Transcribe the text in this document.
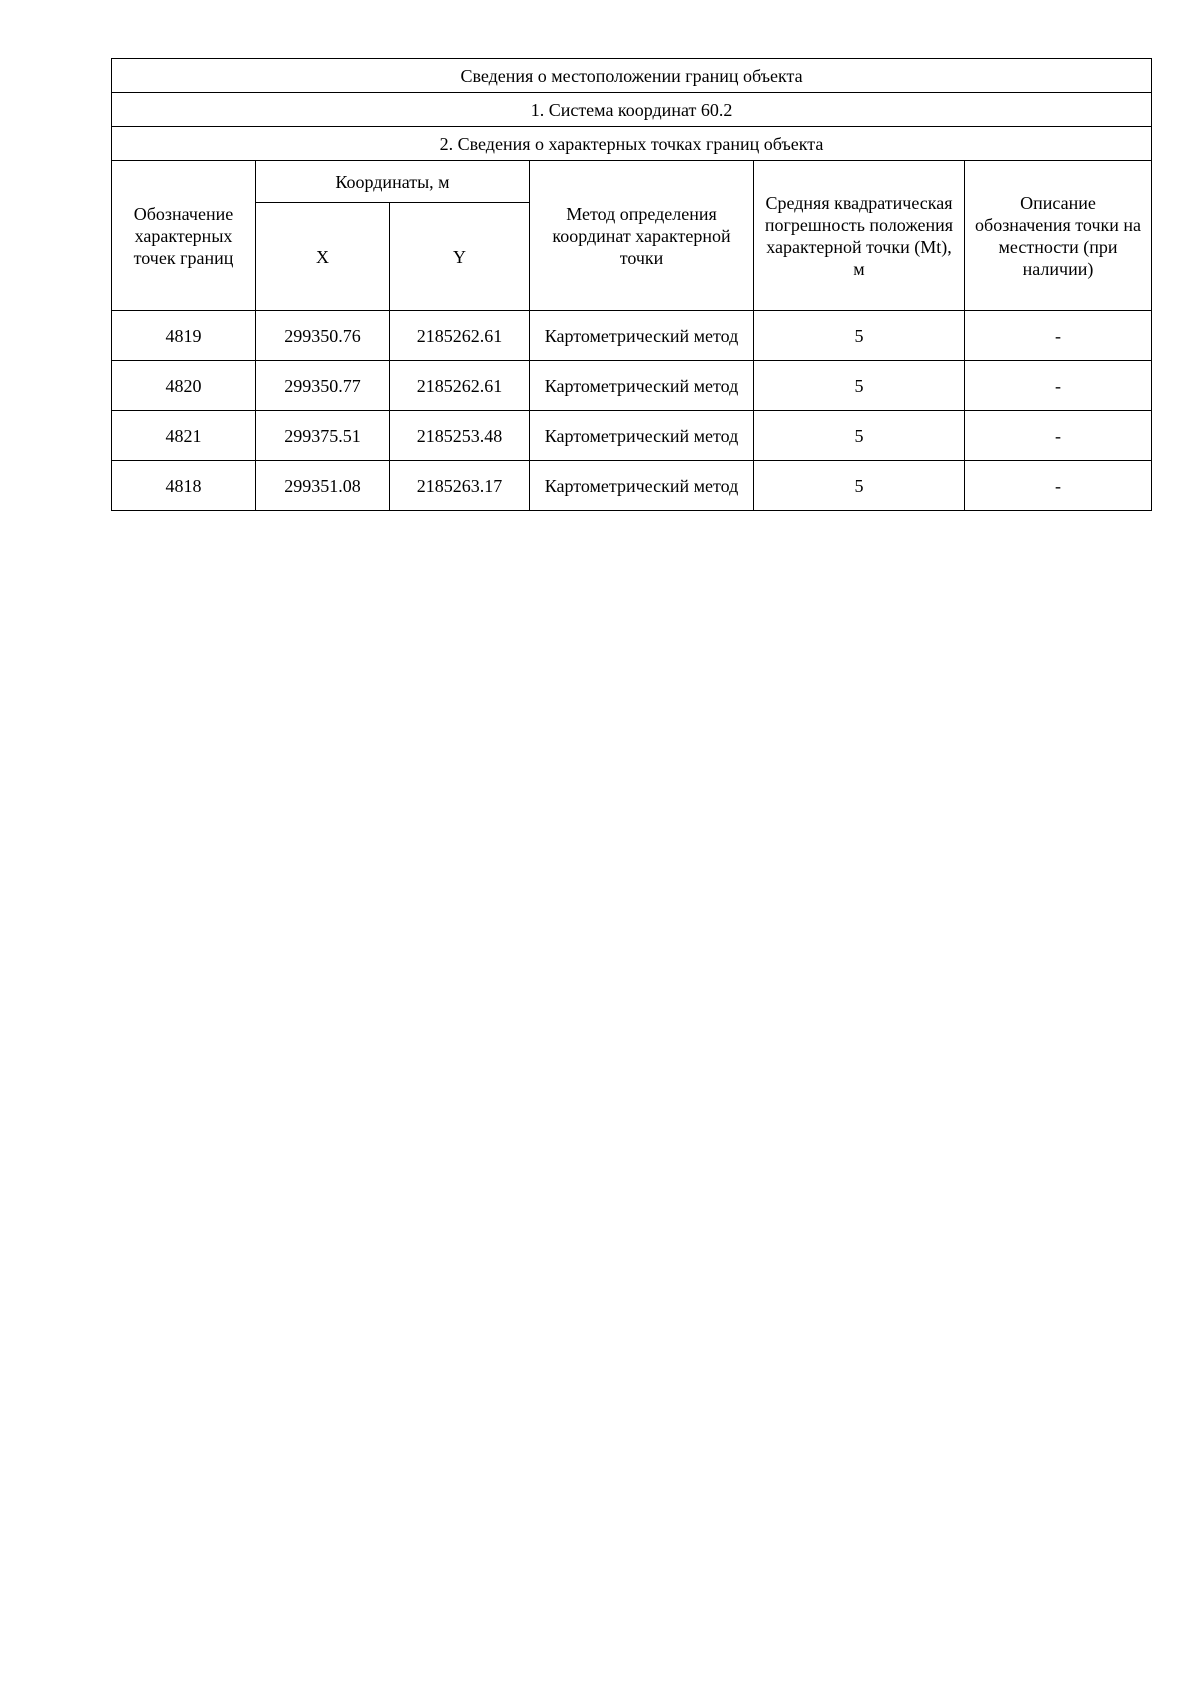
Сведения о местоположении границ объекта					
1. Система координат 60.2					
2. Сведения о характерных точках границ объекта					
Обозначение характерных точек границ	Координаты, м		Метод определения координат характерной точки	Средняя квадратическая погрешность положения характерной точки (Mt), м	Описание обозначения точки на местности (при наличии)
	X	Y			
4819	299350.76	2185262.61	Картометрический метод	5	-
4820	299350.77	2185262.61	Картометрический метод	5	-
4821	299375.51	2185253.48	Картометрический метод	5	-
4818	299351.08	2185263.17	Картометрический метод	5	-
